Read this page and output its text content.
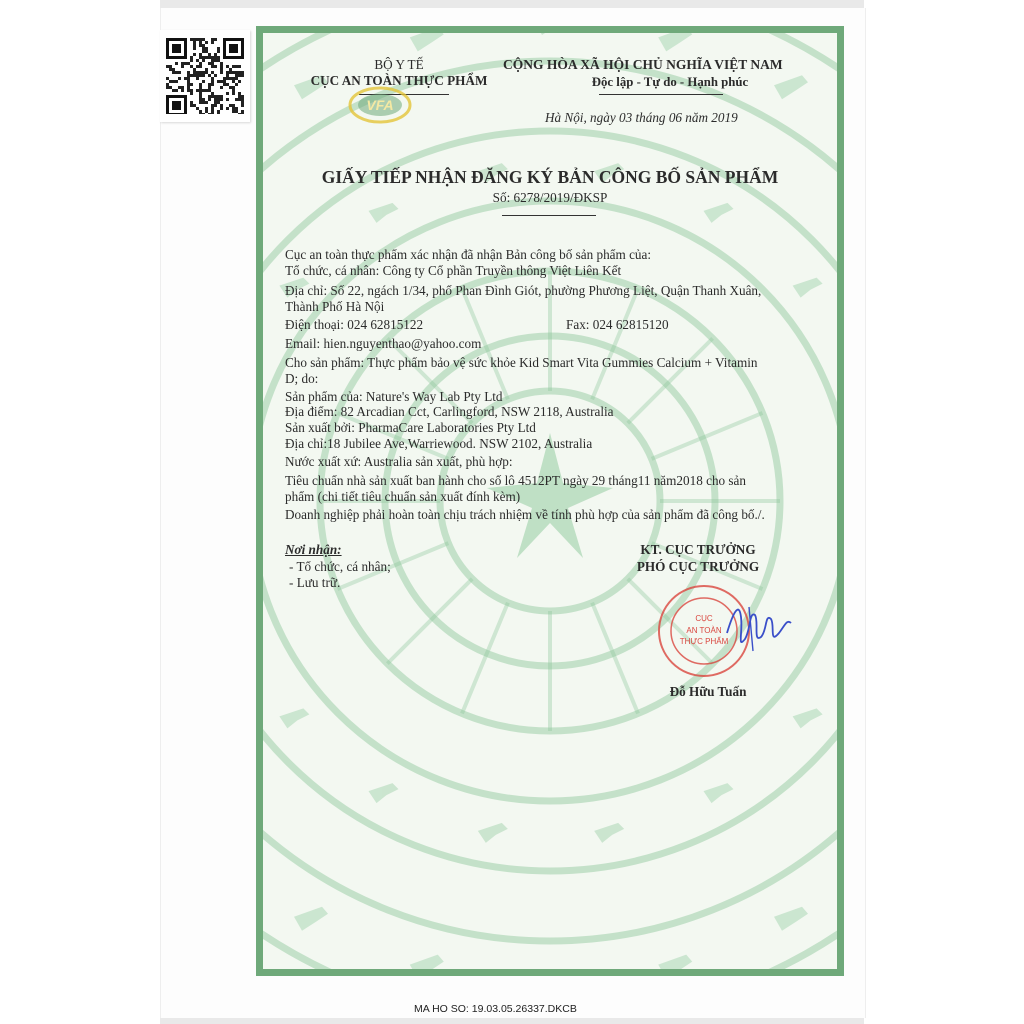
BỘ Y TẾ
CỤC AN TOÀN THỰC PHẨM
VFA
CỘNG HÒA XÃ HỘI CHỦ NGHĨA VIỆT NAM
Độc lập - Tự do - Hạnh phúc
Hà Nội, ngày 03 tháng 06 năm 2019
GIẤY TIẾP NHẬN ĐĂNG KÝ BẢN CÔNG BỐ SẢN PHẨM
Số: 6278/2019/ĐKSP
Cục an toàn thực phẩm xác nhận đã nhận Bản công bố sản phẩm của:
Tổ chức, cá nhân: Công ty Cổ phần Truyền thông Việt Liên Kết
Địa chỉ: Số 22, ngách 1/34, phố Phan Đình Giót, phường Phương Liệt, Quận Thanh Xuân,
Thành Phố Hà Nội
Điện thoại: 024 62815122	Fax: 024 62815120
Email: hien.nguyenthao@yahoo.com
Cho sản phẩm: Thực phẩm bảo vệ sức khỏe Kid Smart Vita Gummies Calcium + Vitamin
D; do:
Sản phẩm của: Nature's Way Lab Pty Ltd
Địa điểm: 82 Arcadian Cct, Carlingford, NSW 2118, Australia
Sản xuất bởi: PharmaCare Laboratories Pty Ltd
Địa chỉ:18 Jubilee Ave,Warriewood. NSW 2102, Australia
Nước xuất xứ: Australia sản xuất, phù hợp:
Tiêu chuẩn nhà sản xuất ban hành cho số lô 4512PT ngày 29 tháng11 năm2018 cho sản
phẩm (chi tiết tiêu chuẩn sản xuất đính kèm)
Doanh nghiệp phải hoàn toàn chịu trách nhiệm về tính phù hợp của sản phẩm đã công bố./.
Nơi nhận:
- Tổ chức, cá nhân;
- Lưu trữ.
KT. CỤC TRƯỞNG
PHÓ CỤC TRƯỞNG
CỤC
AN TOÀN
THỰC PHẨM
Đỗ Hữu Tuấn
MA HO SO: 19.03.05.26337.DKCB
